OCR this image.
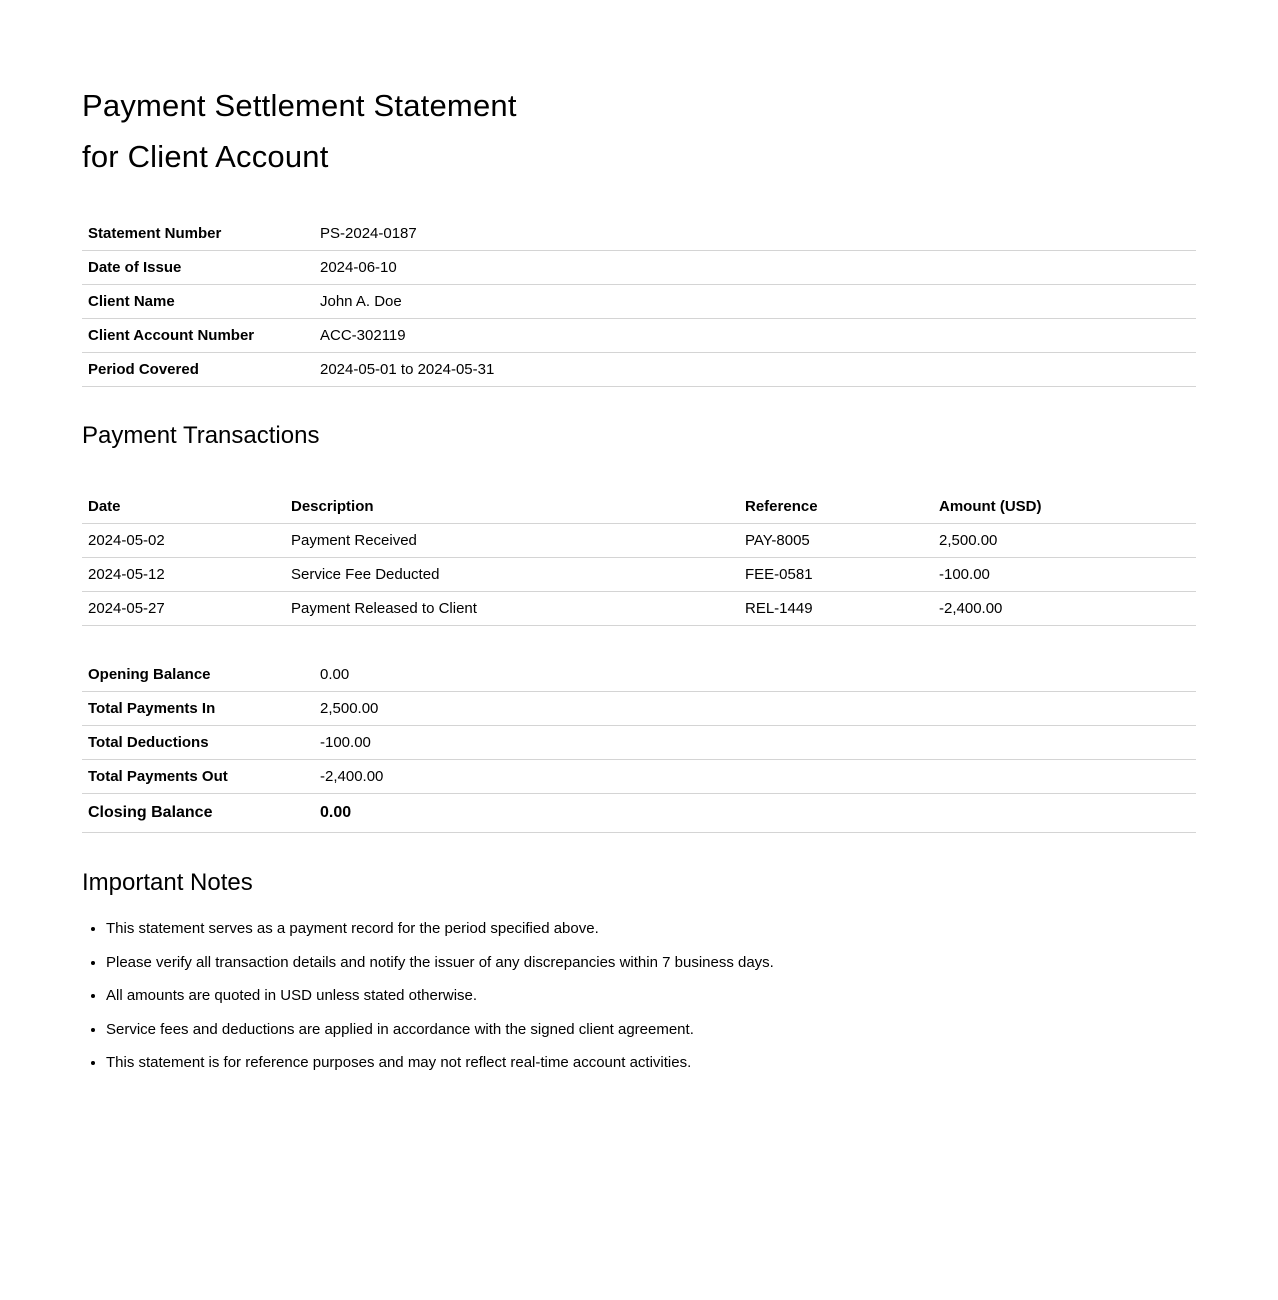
Payment Settlement Statement
for Client Account
Statement Number	PS-2024-0187
Date of Issue	2024-06-10
Client Name	John A. Doe
Client Account Number	ACC-302119
Period Covered	2024-05-01 to 2024-05-31
Payment Transactions
Date	Description	Reference	Amount (USD)
2024-05-02	Payment Received	PAY-8005	2,500.00
2024-05-12	Service Fee Deducted	FEE-0581	-100.00
2024-05-27	Payment Released to Client	REL-1449	-2,400.00
Opening Balance	0.00
Total Payments In	2,500.00
Total Deductions	-100.00
Total Payments Out	-2,400.00
Closing Balance	0.00
Important Notes
• This statement serves as a payment record for the period specified above.
• Please verify all transaction details and notify the issuer of any discrepancies within 7 business days.
• All amounts are quoted in USD unless stated otherwise.
• Service fees and deductions are applied in accordance with the signed client agreement.
• This statement is for reference purposes and may not reflect real-time account activities.
